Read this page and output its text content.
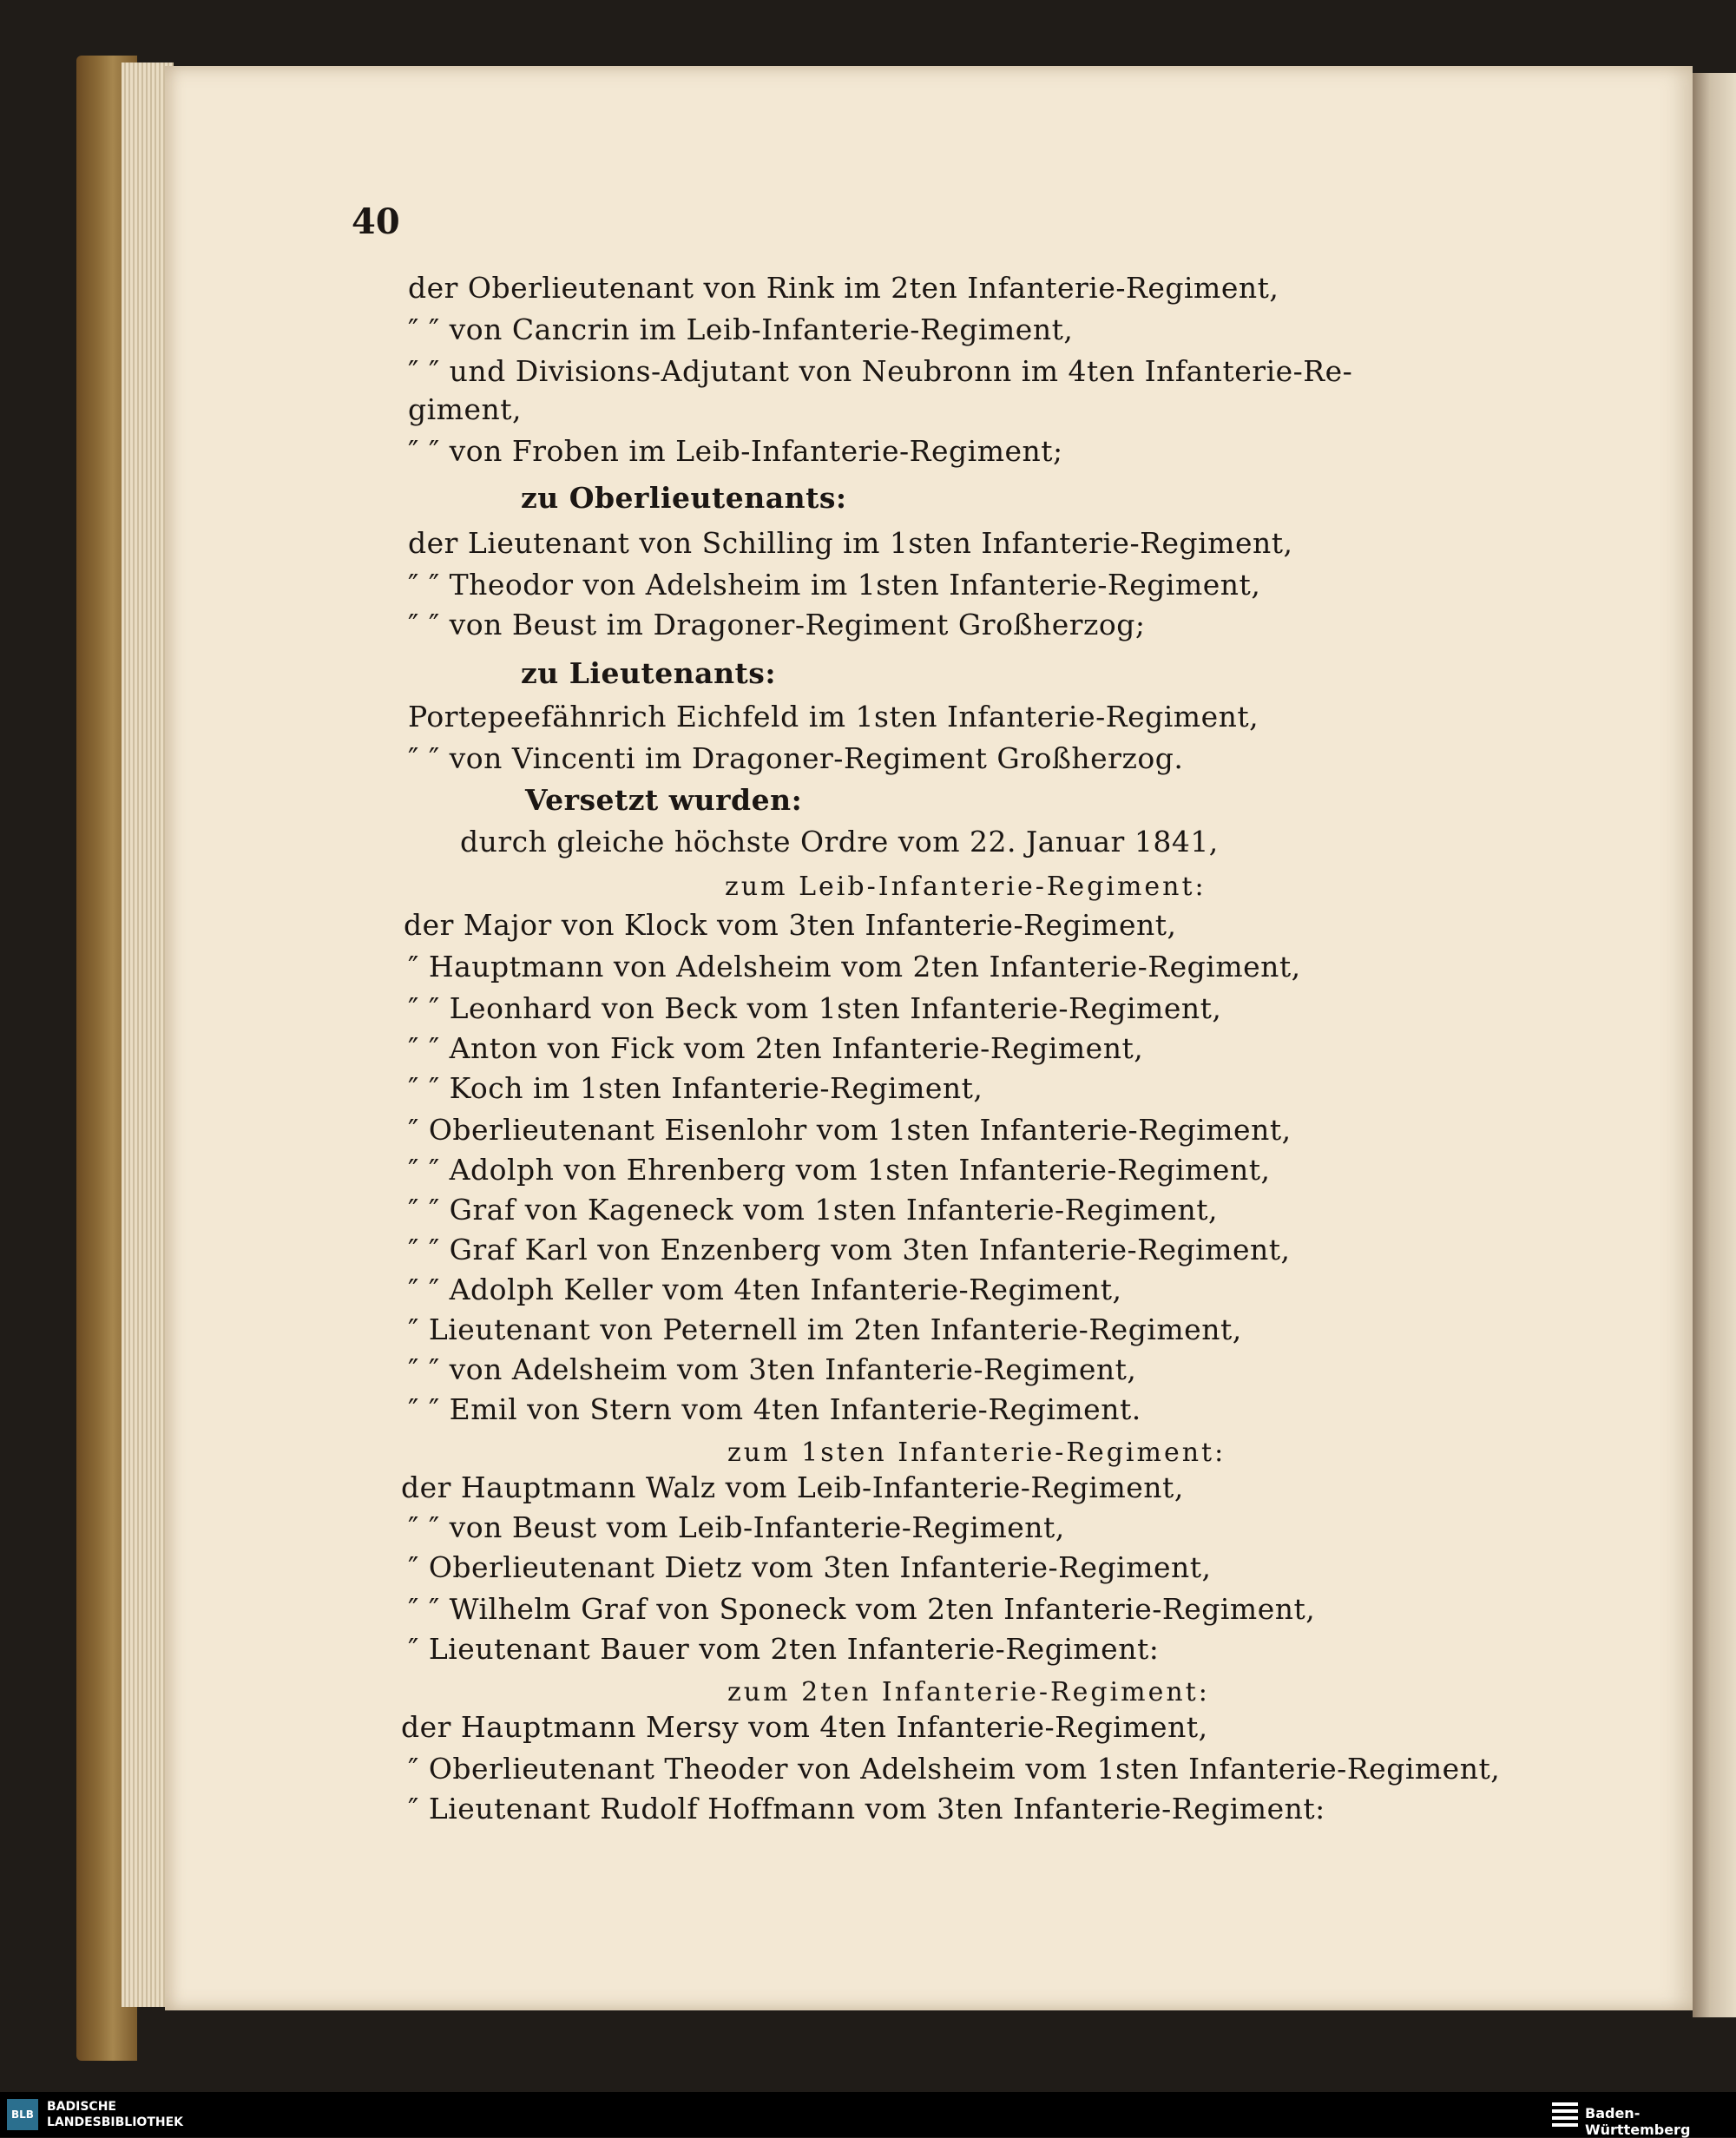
40
der Oberlieutenant von Rink im 2ten Infanterie-Regiment,
″ ″ von Cancrin im Leib-Infanterie-Regiment,
″ ″ und Divisions-Adjutant von Neubronn im 4ten Infanterie-Re-
giment,
″ ″ von Froben im Leib-Infanterie-Regiment;
zu Oberlieutenants:
der Lieutenant von Schilling im 1sten Infanterie-Regiment,
″ ″ Theodor von Adelsheim im 1sten Infanterie-Regiment,
″ ″ von Beust im Dragoner-Regiment Großherzog;
zu Lieutenants:
Portepeefähnrich Eichfeld im 1sten Infanterie-Regiment,
″ ″ von Vincenti im Dragoner-Regiment Großherzog.
Versetzt wurden:
durch gleiche höchste Ordre vom 22. Januar 1841,
zum Leib-Infanterie-Regiment:
der Major von Klock vom 3ten Infanterie-Regiment,
″ Hauptmann von Adelsheim vom 2ten Infanterie-Regiment,
″ ″ Leonhard von Beck vom 1sten Infanterie-Regiment,
″ ″ Anton von Fick vom 2ten Infanterie-Regiment,
″ ″ Koch im 1sten Infanterie-Regiment,
″ Oberlieutenant Eisenlohr vom 1sten Infanterie-Regiment,
″ ″ Adolph von Ehrenberg vom 1sten Infanterie-Regiment,
″ ″ Graf von Kageneck vom 1sten Infanterie-Regiment,
″ ″ Graf Karl von Enzenberg vom 3ten Infanterie-Regiment,
″ ″ Adolph Keller vom 4ten Infanterie-Regiment,
″ Lieutenant von Peternell im 2ten Infanterie-Regiment,
″ ″ von Adelsheim vom 3ten Infanterie-Regiment,
″ ″ Emil von Stern vom 4ten Infanterie-Regiment.
zum 1sten Infanterie-Regiment:
der Hauptmann Walz vom Leib-Infanterie-Regiment,
″ ″ von Beust vom Leib-Infanterie-Regiment,
″ Oberlieutenant Dietz vom 3ten Infanterie-Regiment,
″ ″ Wilhelm Graf von Sponeck vom 2ten Infanterie-Regiment,
″ Lieutenant Bauer vom 2ten Infanterie-Regiment:
zum 2ten Infanterie-Regiment:
der Hauptmann Mersy vom 4ten Infanterie-Regiment,
″ Oberlieutenant Theoder von Adelsheim vom 1sten Infanterie-Regiment,
″ Lieutenant Rudolf Hoffmann vom 3ten Infanterie-Regiment:
BLB
BADISCHE
LANDESBIBLIOTHEK
Baden-Württemberg
